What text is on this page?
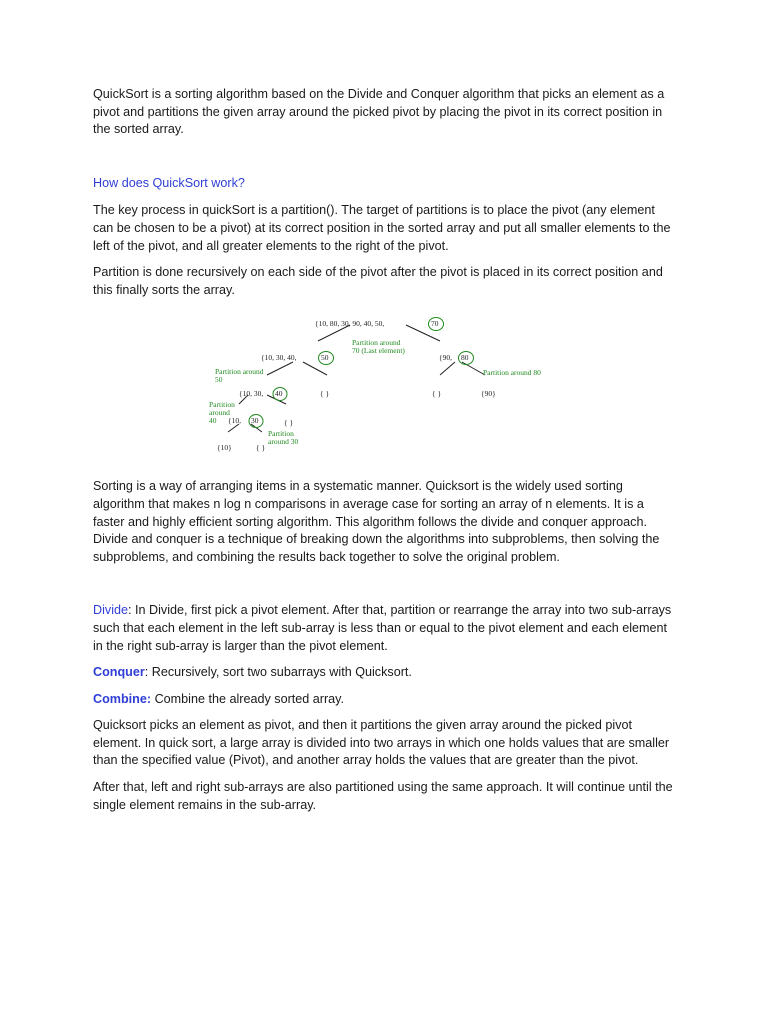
QuickSort is a sorting algorithm based on the Divide and Conquer algorithm that picks an element as a pivot and partitions the given array around the picked pivot by placing the pivot in its correct position in the sorted array.

How does QuickSort work?

The key process in quickSort is a partition(). The target of partitions is to place the pivot (any element can be chosen to be a pivot) at its correct position in the sorted array and put all smaller elements to the left of the pivot, and all greater elements to the right of the pivot.

Partition is done recursively on each side of the pivot after the pivot is placed in its correct position and this finally sorts the array.

{10, 80, 30, 90, 40, 50,	70
{10, 30, 40,	50	{90, 80
{10, 30, 40	{ }	{ }	{90}
{10, 30	{ }
{10}	{ }
Partition around
70 (Last element)
Partition around
50
Partition around 80
Partition
around
40
Partition
around 30

Sorting is a way of arranging items in a systematic manner. Quicksort is the widely used sorting algorithm that makes n log n comparisons in average case for sorting an array of n elements. It is a faster and highly efficient sorting algorithm. This algorithm follows the divide and conquer approach. Divide and conquer is a technique of breaking down the algorithms into subproblems, then solving the subproblems, and combining the results back together to solve the original problem.

Divide: In Divide, first pick a pivot element. After that, partition or rearrange the array into two sub-arrays such that each element in the left sub-array is less than or equal to the pivot element and each element in the right sub-array is larger than the pivot element.

Conquer: Recursively, sort two subarrays with Quicksort.

Combine: Combine the already sorted array.

Quicksort picks an element as pivot, and then it partitions the given array around the picked pivot element. In quick sort, a large array is divided into two arrays in which one holds values that are smaller than the specified value (Pivot), and another array holds the values that are greater than the pivot.

After that, left and right sub-arrays are also partitioned using the same approach. It will continue until the single element remains in the sub-array.
